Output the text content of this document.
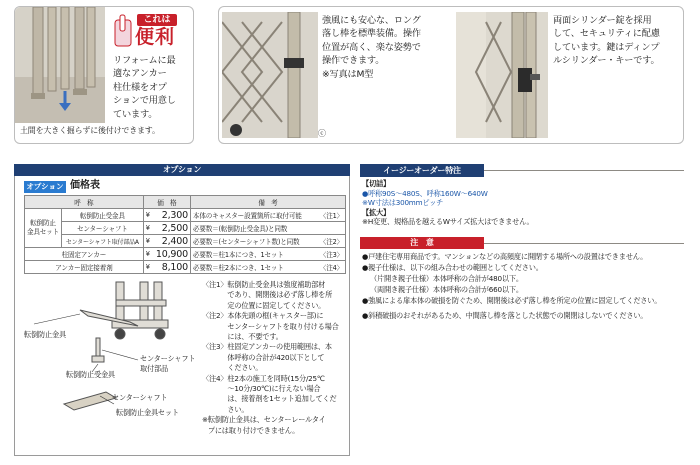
これは
便利
リフォームに最
適なアンカー
柱仕様をオプ
ションで用意し
ています。
土間を大きく掘らずに後付けできます。
強風にも安心な、ロング
落し棒を標準装備。操作
位置が高く、楽な姿勢で
操作できます。
※写真はM型
ⓒ
両面シリンダー錠を採用
して、セキュリティに配慮
しています。鍵はディンプ
ルシリンダー・キーです。
オプション
オプション 価格表
呼　称		価　格		備　考	

転倒防止
金具セット	転倒防止受金具	¥	2,300	本体のキャスター設置箇所に取付可能	〈注1〉
	センターシャフト	¥	2,500	必要数＝(転倒防止受金具)と同数	
	センターシャフト取付部品A	¥	2,400	必要数＝(センターシャフト数)と同数	〈注2〉
柱固定アンカー		¥	10,900	必要数＝柱1本につき、1セット	〈注3〉
アンカー固定接着剤		¥	8,100	必要数＝柱2本につき、1セット	〈注4〉
転倒防止金具
センターシャフト
取付部品
転倒防止受金具
センターシャフト
転倒防止金具セット
〈注1〉 転倒防止受金具は強度補助部材
であり、開閉後は必ず落し棒を所
定の位置に固定してください。
〈注2〉 本体先頭の框(キャスター部)に
センターシャフトを取り付ける場合
には、不要です。
〈注3〉 柱固定アンカーの使用範囲は、本
体呼称の合計が420以下として
ください。
〈注4〉 柱2本の施工を同時(15分/25℃
〜10分/30℃)に行えない場合
は、接着剤を1セット追加してくだ
さい。
※ 転倒防止金具は、センターレールタイ
プには取り付けできません。
イージーオーダー特注
【切詰】
●呼称90S〜480S、呼称160W〜640W
※W寸法は300mmピッチ
【拡大】
※H変更、規格品を越えるWサイズ拡大はできません。
注　意
●戸建住宅専用商品です。マンションなどの高頻度に開閉する場所への設置はできません。
●親子仕様は、以下の組み合わせの範囲としてください。
（片開き親子仕様）本体呼称の合計が480以下。
（両開き親子仕様）本体呼称の合計が660以下。
●強風による扉本体の破損を防ぐため、開閉後は必ず落し棒を所定の位置に固定してください。
●斜積破損のおそれがあるため、中間落し棒を落とした状態での開閉はしないでください。
